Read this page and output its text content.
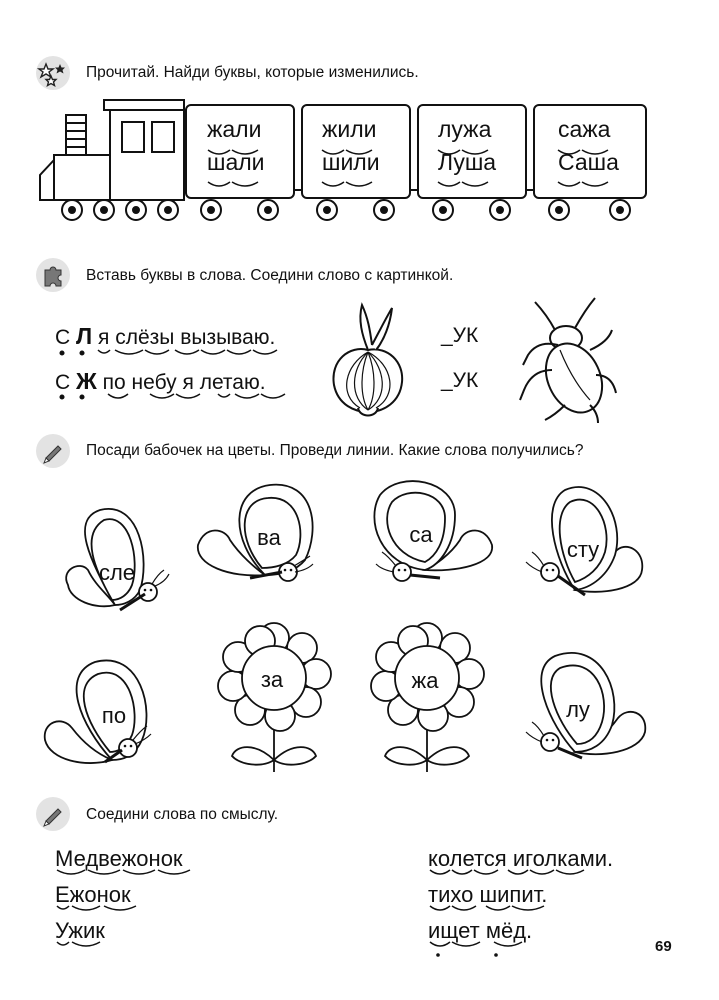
Прочитай. Найди буквы, которые изменились.
жали
шали
жили
шили
лужа
Луша
сажа
Саша
Вставь буквы в слова. Соедини слово с картинкой.
С Л я слёзы вызываю.
С Ж по небу я летаю.
_УК
_УК
Посади бабочек на цветы. Проведи линии. Какие слова получились?
сле
ва	са
сту
по	лу
за	жа
Соедини слова по смыслу.
Медвежонок
Ежонок
Ужик
колется иголками.
тихо шипит.
ищет мёд.
69
